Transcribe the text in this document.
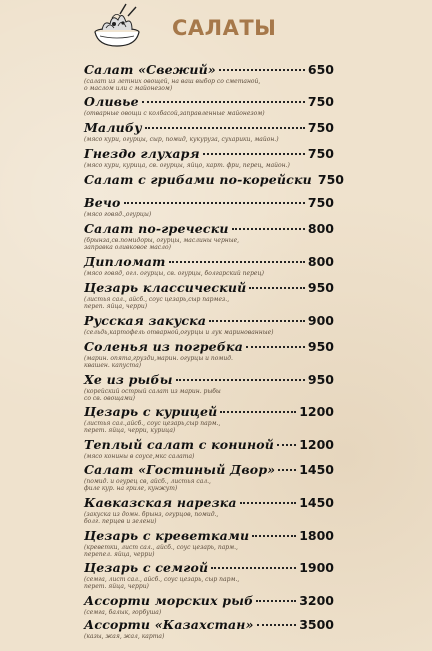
САЛАТЫ
Салат «Свежий»	650
(салат из летних овощей, на ваш выбор со сметаной,
о маслом или с майонезом)
Оливье	750
(отварные овощи с колбасой,заправленные майонезом)
Малибу	750
(мясо кури, огурцы, сыр, помид, кукуруза, сухарики, майон.)
Гнездо глухаря	750
(мясо кури, курица, св. огурцы, яйцо, карт. фри, перец, майон.)
Салат с грибами по-корейски 750
Вечо	750
(мясо говяд.,огурцы)
Салат по-гречески	800
(брынза,св.помидоры, огурцы, маслины черные,
заправка оливковое масло)
Дипломат	800
(мясо говяд, огл. огурцы, св. огурцы, болгарский перец)
Цезарь классический	950
(листья сал., айсб., соус цезарь,сыр пармез.,
переп. яйца, черри)
Русская закуска	900
(сельдь,картофель отварной,огурцы и лук маринованные)
Соленья из погребка	950
(марин. опята,грузди,марин. огурцы и помид.
квашен. капуста)
Хе из рыбы	950
(корейский острый салат из марин. рыбы
со св. овощами)
Цезарь с курицей	1200
(листья сал.,айсб., соус цезарь,сыр парм.,
перет. яйца, черри, курица)
Теплый салат с кониной 1200
(мясо конины в соусе,мкс салата)
Салат «Гостиный Двор» 1450
(помид. и огурец св, айсб., листья сал.,
филе кур. на гриле, кунжут)
Кавказская нарезка	1450
(закуска из домн. брынз, огурцов, помид.,
болг. перцев и зелени)
Цезарь с креветками	1800
(креветки, лист сал., айсб., соус цезарь, парм.,
перепел. яйца, черри)
Цезарь с семгой	1900
(семга, лист сал., айсб., соус цезарь, сыр парм.,
перет. яйца, черри)
Ассорти морских рыб	3200
(семга, балык, горбуша)
Ассорти «Казахстан»	3500
(казы, жая, жал, карта)
